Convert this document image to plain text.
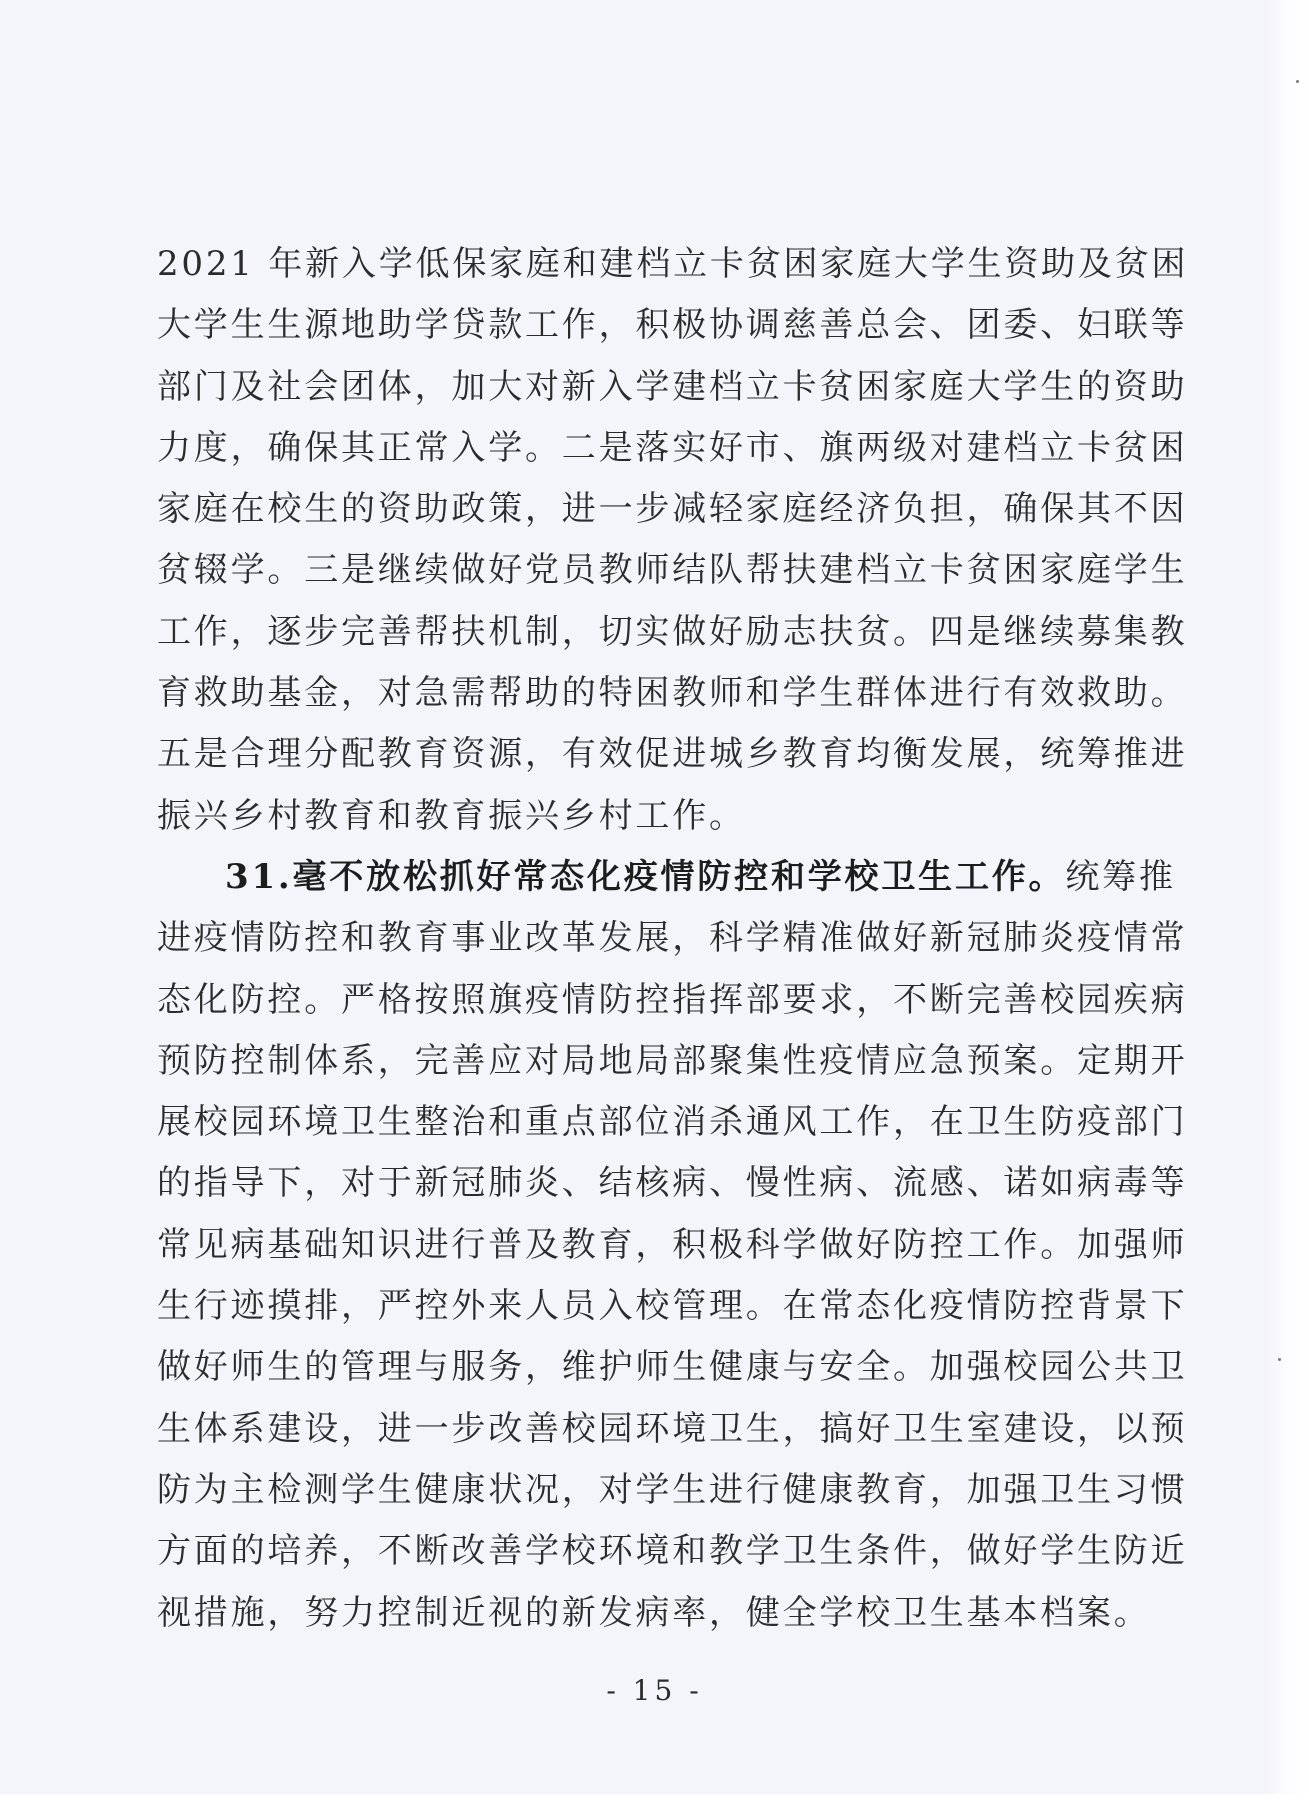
2021 年新入学低保家庭和建档立卡贫困家庭大学生资助及贫困
大学生生源地助学贷款工作，积极协调慈善总会、团委、妇联等
部门及社会团体，加大对新入学建档立卡贫困家庭大学生的资助
力度，确保其正常入学。二是落实好市、旗两级对建档立卡贫困
家庭在校生的资助政策，进一步减轻家庭经济负担，确保其不因
贫辍学。三是继续做好党员教师结队帮扶建档立卡贫困家庭学生
工作，逐步完善帮扶机制，切实做好励志扶贫。四是继续募集教
育救助基金，对急需帮助的特困教师和学生群体进行有效救助。
五是合理分配教育资源，有效促进城乡教育均衡发展，统筹推进
振兴乡村教育和教育振兴乡村工作。
31.毫不放松抓好常态化疫情防控和学校卫生工作。统筹推
进疫情防控和教育事业改革发展，科学精准做好新冠肺炎疫情常
态化防控。严格按照旗疫情防控指挥部要求，不断完善校园疾病
预防控制体系，完善应对局地局部聚集性疫情应急预案。定期开
展校园环境卫生整治和重点部位消杀通风工作，在卫生防疫部门
的指导下，对于新冠肺炎、结核病、慢性病、流感、诺如病毒等
常见病基础知识进行普及教育，积极科学做好防控工作。加强师
生行迹摸排，严控外来人员入校管理。在常态化疫情防控背景下
做好师生的管理与服务，维护师生健康与安全。加强校园公共卫
生体系建设，进一步改善校园环境卫生，搞好卫生室建设，以预
防为主检测学生健康状况，对学生进行健康教育，加强卫生习惯
方面的培养，不断改善学校环境和教学卫生条件，做好学生防近
视措施，努力控制近视的新发病率，健全学校卫生基本档案。
- 15 -
